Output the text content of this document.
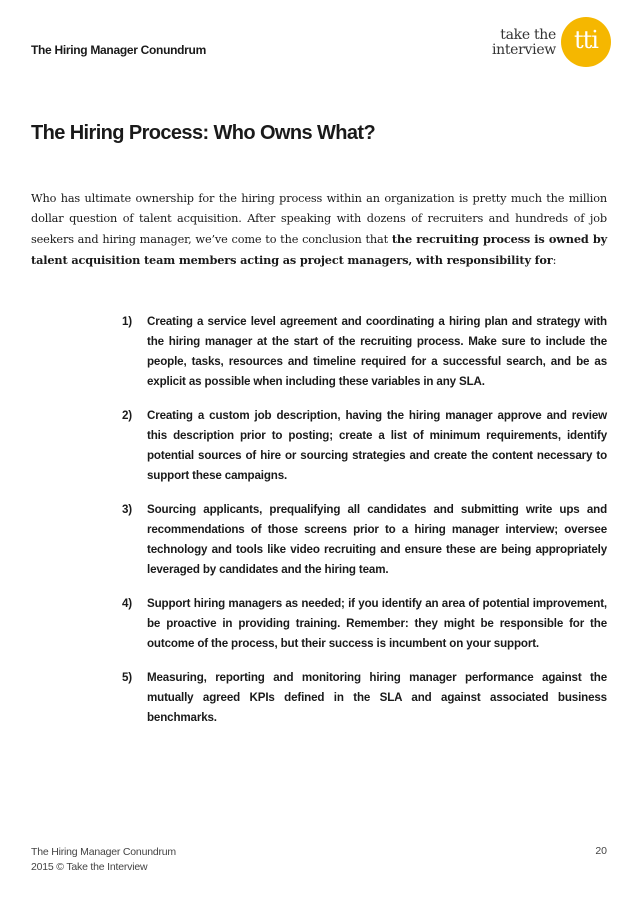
The Hiring Manager Conundrum
take the
interview tti
The Hiring Process: Who Owns What?

Who has ultimate ownership for the hiring process within an organization is pretty much the million dollar question of talent acquisition. After speaking with dozens of recruiters and hundreds of job seekers and hiring manager, we’ve come to the conclusion that the recruiting process is owned by talent acquisition team members acting as project managers, with responsibility for:

1) Creating a service level agreement and coordinating a hiring plan and strategy with the hiring manager at the start of the recruiting process. Make sure to include the people, tasks, resources and timeline required for a successful search, and be as explicit as possible when including these variables in any SLA.
2) Creating a custom job description, having the hiring manager approve and review this description prior to posting; create a list of minimum requirements, identify potential sources of hire or sourcing strategies and create the content necessary to support these campaigns.
3) Sourcing applicants, prequalifying all candidates and submitting write ups and recommendations of those screens prior to a hiring manager interview; oversee technology and tools like video recruiting and ensure these are being appropriately leveraged by candidates and the hiring team.
4) Support hiring managers as needed; if you identify an area of potential improvement, be proactive in providing training. Remember: they might be responsible for the outcome of the process, but their success is incumbent on your support.
5) Measuring, reporting and monitoring hiring manager performance against the mutually agreed KPIs defined in the SLA and against associated business benchmarks.
The Hiring Manager Conundrum
2015 © Take the Interview
20
